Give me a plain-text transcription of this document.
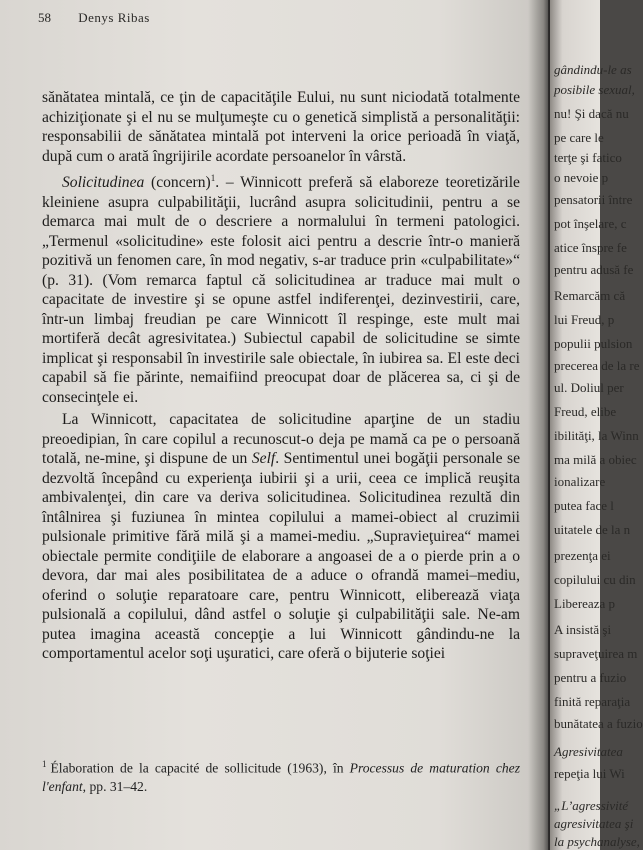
58 Denys Ribas

sănătatea mintală, ce ţin de capacităţile Eului, nu sunt niciodată totalmente achiziţionate şi el nu se mulţumeşte cu o genetică simplistă a personalităţii: responsabilii de sănătatea mintală pot interveni la orice perioadă în viaţă, după cum o arată îngrijirile acordate persoanelor în vârstă.

Solicitudinea (concern)$^1$. – Winnicott preferă să elaboreze teoretizările kleiniene asupra culpabilităţii, lucrând asupra solicitudinii, pentru a se demarca mai mult de o descriere a normalului în termeni patologici. „Termenul «solicitudine» este folosit aici pentru a descrie într-o manieră pozitivă un fenomen care, în mod negativ, s-ar traduce prin «culpabilitate»“ (p. 31). (Vom remarca faptul că solicitudinea ar traduce mai mult o capacitate de investire şi se opune astfel indiferenţei, dezinvestirii, care, într-un limbaj freudian pe care Winnicott îl respinge, este mult mai mortiferă decât agresivitatea.) Subiectul capabil de solicitudine se simte implicat şi responsabil în investirile sale obiectale, în iubirea sa. El este deci capabil să fie părinte, nemaifiind preocupat doar de plăcerea sa, ci şi de consecinţele ei.

La Winnicott, capacitatea de solicitudine aparţine de un stadiu preoedipian, în care copilul a recunoscut-o deja pe mamă ca pe o persoană totală, ne-mine, şi dispune de un Self. Sentimentul unei bogăţii personale se dezvoltă începând cu experienţa iubirii şi a urii, ceea ce implică reuşita ambivalenţei, din care va deriva solicitudinea. Solicitudinea rezultă din întâlnirea şi fuziunea în mintea copilului a mamei-obiect al cruzimii pulsionale primitive fără milă şi a mamei-mediu. „Supravieţuirea“ mamei obiectale permite condiţiile de elaborare a angoasei de a o pierde prin a o devora, dar mai ales posibilitatea de a aduce o ofrandă mamei–mediu, oferind o soluţie reparatoare care, pentru Winnicott, eliberează viaţa pulsională a copilului, dând astfel o soluţie şi culpabilităţii sale. Ne-am putea imagina această concepţie a lui Winnicott gândindu-ne la comportamentul acelor soţi uşuratici, care oferă o bijuterie soţiei

$^1$ Élaboration de la capacité de sollicitude (1963), în Processus de maturation chez l'enfant, pp. 31–42.
gândindu-le as
posibile sexual,
nu! Şi dacă nu
pe care le
terţe şi fatico
o nevoie p
pensatorii între
pot înşelare, c
atice înspre fe
pentru adusă fe
Remarcăm că
lui Freud, p
populii pulsion
precerea de la re
ul. Doliul per
Freud, elibe
ibilităţi, la Winn
ma milă a obiec
ionalizare
putea face l
uitatele de la n
prezenţa ei
copilului cu din
Libereaza p
A insistă şi
supraveţuirea m
pentru a fuzio
finită reparaţia
bunătatea a fuzio
Agresivitatea
repeţia lui Wi
„L’agressivité
agresivitatea şi
la psychanalyse,
